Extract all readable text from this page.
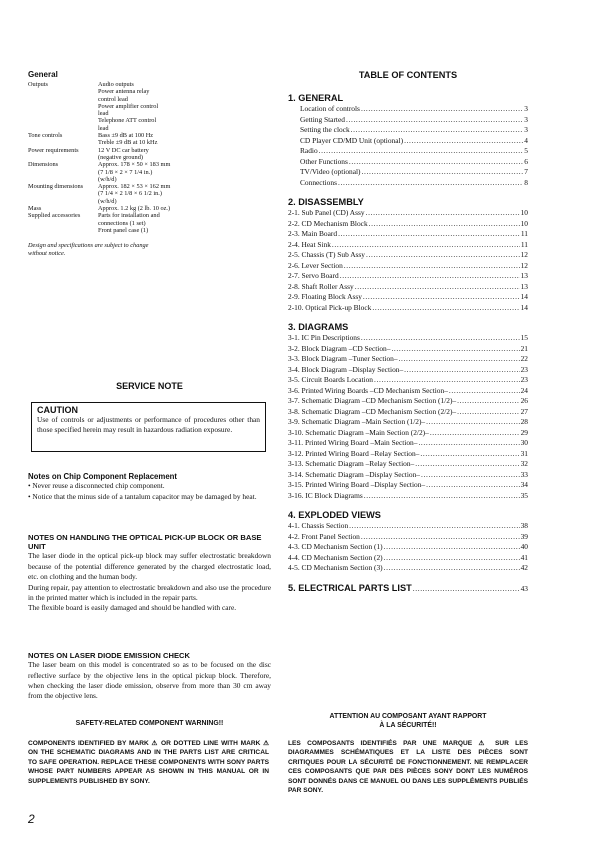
General
Outputs	Audio outputs
Power antenna relay
control lead
Power amplifier control
lead
Telephone ATT control
lead
Tone controls	Bass ±9 dB at 100 Hz
Treble ±9 dB at 10 kHz
Power requirements	12 V DC car battery
(negative ground)
Dimensions	Approx. 178 × 50 × 183 mm
(7 1/8 × 2 × 7 1/4 in.)
(w/h/d)
Mounting dimensions	Approx. 182 × 53 × 162 mm
(7 1/4 × 2 1/8 × 6 1/2 in.)
(w/h/d)
Mass	Approx. 1.2 kg (2 lb. 10 oz.)
Supplied accessories	Parts for installation and
connections (1 set)
Front panel case (1)
Design and specifications are subject to change without notice.
SERVICE NOTE
CAUTION
Use of controls or adjustments or performance of procedures other than those specified herein may result in hazardous radiation exposure.
Notes on Chip Component Replacement
• Never reuse a disconnected chip component.
• Notice that the minus side of a tantalum capacitor may be damaged by heat.
NOTES ON HANDLING THE OPTICAL PICK-UP BLOCK OR BASE UNIT
The laser diode in the optical pick-up block may suffer electrostatic breakdown because of the potential difference generated by the charged electrostatic load, etc. on clothing and the human body.
During repair, pay attention to electrostatic breakdown and also use the procedure in the printed matter which is included in the repair parts.
The flexible board is easily damaged and should be handled with care.
NOTES ON LASER DIODE EMISSION CHECK
The laser beam on this model is concentrated so as to be focused on the disc reflective surface by the objective lens in the optical pickup block. Therefore, when checking the laser diode emission, observe from more than 30 cm away from the objective lens.
SAFETY-RELATED COMPONENT WARNING!!
COMPONENTS IDENTIFIED BY MARK ⚠ OR DOTTED LINE WITH MARK ⚠ ON THE SCHEMATIC DIAGRAMS AND IN THE PARTS LIST ARE CRITICAL TO SAFE OPERATION. REPLACE THESE COMPONENTS WITH SONY PARTS WHOSE PART NUMBERS APPEAR AS SHOWN IN THIS MANUAL OR IN SUPPLEMENTS PUBLISHED BY SONY.
ATTENTION AU COMPOSANT AYANT RAPPORT
À LA SÉCURITÉ!!
LES COMPOSANTS IDENTIFIÉS PAR UNE MARQUE ⚠ SUR LES DIAGRAMMES SCHÉMATIQUES ET LA LISTE DES PIÈCES SONT CRITIQUES POUR LA SÉCURITÉ DE FONCTIONNEMENT. NE REMPLACER CES COMPOSANTS QUE PAR DES PIÈCES SONY DONT LES NUMÉROS SONT DONNÉS DANS CE MANUEL OU DANS LES SUPPLÉMENTS PUBLIÉS PAR SONY.
2
TABLE OF CONTENTS
1. GENERAL
Location of controls . . .	3
Getting Started . . .	3
Setting the clock . . .	3
CD Player CD/MD Unit (optional) . . .	4
Radio . . .	5
Other Functions . . .	6
TV/Video (optional) . . .	7
Connections . . .	8
2. DISASSEMBLY
2-1. Sub Panel (CD) Assy . . .	10
2-2. CD Mechanism Block . . .	10
2-3. Main Board . . .	11
2-4. Heat Sink . . .	11
2-5. Chassis (T) Sub Assy . . .	12
2-6. Lever Section . . .	12
2-7. Servo Board . . .	13
2-8. Shaft Roller Assy . . .	13
2-9. Floating Block Assy . . .	14
2-10. Optical Pick-up Block . . .	14
3. DIAGRAMS
3-1. IC Pin Descriptions . . .	15
3-2. Block Diagram –CD Section– . . .	21
3-3. Block Diagram –Tuner Section– . . .	22
3-4. Block Diagram –Display Section– . . .	23
3-5. Circuit Boards Location . . .	23
3-6. Printed Wiring Boards –CD Mechanism Section– . . .	24
3-7. Schematic Diagram –CD Mechanism Section (1/2)– . . .	26
3-8. Schematic Diagram –CD Mechanism Section (2/2)– . . .	27
3-9. Schematic Diagram –Main Section (1/2)– . . .	28
3-10. Schematic Diagram –Main Section (2/2)– . . .	29
3-11. Printed Wiring Board –Main Section– . . .	30
3-12. Printed Wiring Board –Relay Section– . . .	31
3-13. Schematic Diagram –Relay Section– . . .	32
3-14. Schematic Diagram –Display Section– . . .	33
3-15. Printed Wiring Board –Display Section– . . .	34
3-16. IC Block Diagrams . . .	35
4. EXPLODED VIEWS
4-1. Chassis Section . . .	38
4-2. Front Panel Section . . .	39
4-3. CD Mechanism Section (1) . . .	40
4-4. CD Mechanism Section (2) . . .	41
4-5. CD Mechanism Section (3) . . .	42
5. ELECTRICAL PARTS LIST . . .	43
